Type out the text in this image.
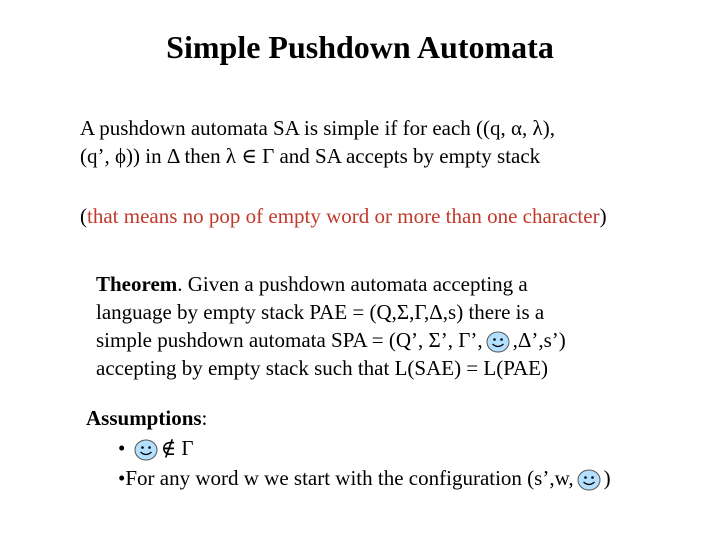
Simple Pushdown Automata
A pushdown automata SA is simple if for each ((q, α, λ),
(q’, ϕ)) in Δ then λ ∈ Γ and SA accepts by empty stack
(that means no pop of empty word or more than one character)
Theorem. Given a pushdown automata accepting a
language by empty stack PAE = (Q,Σ,Γ,Δ,s) there is a
simple pushdown automata SPA = (Q’, Σ’, Γ’, ,Δ’,s’)
accepting by empty stack such that L(SAE) = L(PAE)
Assumptions:
• ∉ Γ
•For any word w we start with the configuration (s’,w, )
